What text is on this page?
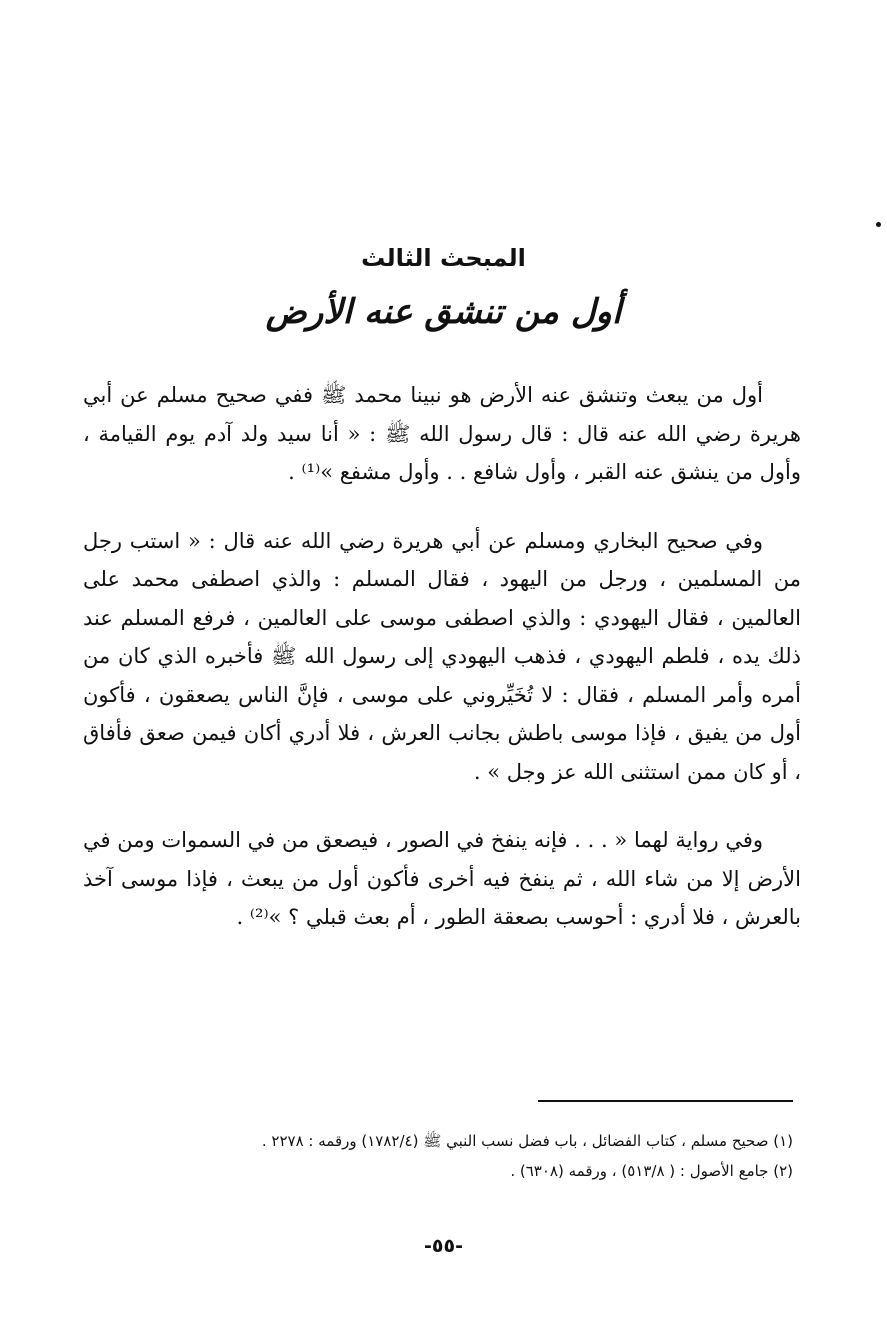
المبحث الثالث

أول من تنشق عنه الأرض

أول من يبعث وتنشق عنه الأرض هو نبينا محمد ﷺ ففي صحيح مسلم عن أبي هريرة رضي الله عنه قال : قال رسول الله ﷺ : « أنا سيد ولد آدم يوم القيامة ، وأول من ينشق عنه القبر ، وأول شافع . . وأول مشفع »⁽¹⁾ .

وفي صحيح البخاري ومسلم عن أبي هريرة رضي الله عنه قال : « استب رجل من المسلمين ، ورجل من اليهود ، فقال المسلم : والذي اصطفى محمد على العالمين ، فقال اليهودي : والذي اصطفى موسى على العالمين ، فرفع المسلم عند ذلك يده ، فلطم اليهودي ، فذهب اليهودي إلى رسول الله ﷺ فأخبره الذي كان من أمره وأمر المسلم ، فقال : لا تُخَيِّروني على موسى ، فإنَّ الناس يصعقون ، فأكون أول من يفيق ، فإذا موسى باطش بجانب العرش ، فلا أدري أكان فيمن صعق فأفاق ، أو كان ممن استثنى الله عز وجل » .

وفي رواية لهما « . . . فإنه ينفخ في الصور ، فيصعق من في السموات ومن في الأرض إلا من شاء الله ، ثم ينفخ فيه أخرى فأكون أول من يبعث ، فإذا موسى آخذ بالعرش ، فلا أدري : أحوسب بصعقة الطور ، أم بعث قبلي ؟ »⁽²⁾ .

(١) صحيح مسلم ، كتاب الفضائل ، باب فضل نسب النبي ﷺ (١٧٨٢/٤) ورقمه : ٢٢٧٨ .

(٢) جامع الأصول : ( ٥١٣/٨) ، ورقمه (٦٣٠٨) .

-٥٥-
